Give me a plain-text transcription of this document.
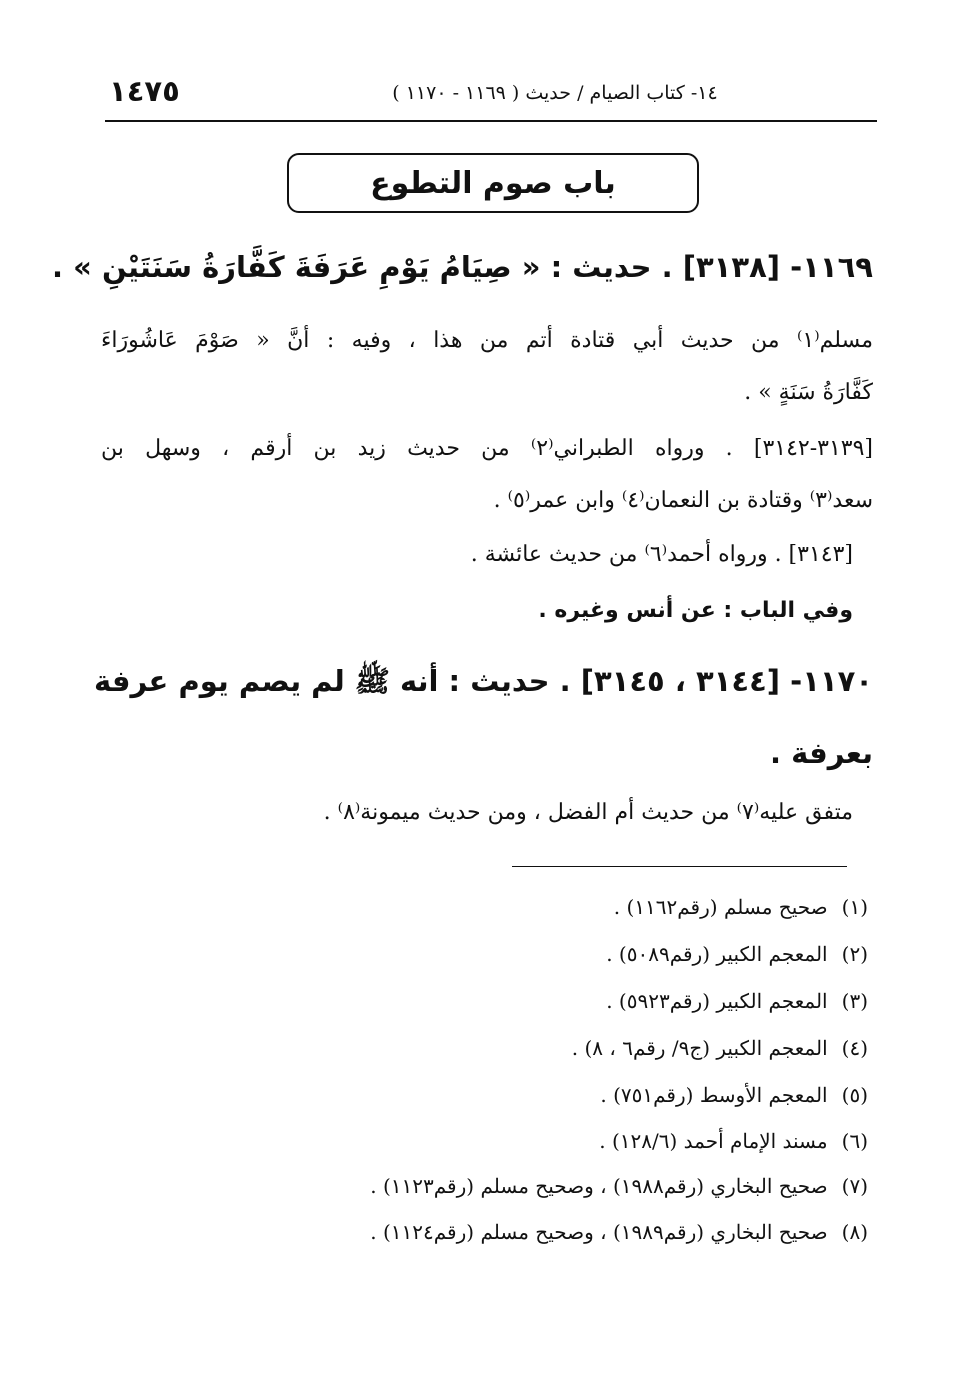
١٤٧٥	١٤- كتاب الصيام / حديث ( ١١٦٩ - ١١٧٠ )
باب صوم التطوع
١١٦٩- [٣١٣٨] . حديث : « صِيَامُ يَوْمِ عَرَفَةَ كَفَّارَةُ سَنَتَيْنِ » .
مسلم⁽١⁾ من حديث أبي قتادة أتم من هذا ، وفيه : أنَّ « صَوْمَ عَاشُورَاءَ
كَفَّارَةُ سَنَةٍ » .
[٣١٣٩-٣١٤٢] . ورواه الطبراني⁽٢⁾ من حديث زيد بن أرقم ، وسهل بن
سعد⁽٣⁾ وقتادة بن النعمان⁽٤⁾ وابن عمر⁽٥⁾ .
[٣١٤٣] . ورواه أحمد⁽٦⁾ من حديث عائشة .
وفي الباب : عن أنس وغيره .
١١٧٠- [٣١٤٤ ، ٣١٤٥] . حديث : أنه ﷺ لم يصم يوم عرفة
بعرفة .
متفق عليه⁽٧⁾ من حديث أم الفضل ، ومن حديث ميمونة⁽٨⁾ .
(١)صحيح مسلم (رقم١١٦٢) .
(٢)المعجم الكبير (رقم٥٠٨٩) .
(٣)المعجم الكبير (رقم٥٩٢٣) .
(٤)المعجم الكبير (ج٩/ رقم٦ ، ٨) .
(٥)المعجم الأوسط (رقم٧٥١) .
(٦)مسند الإمام أحمد (١٢٨/٦) .
(٧)صحيح البخاري (رقم١٩٨٨) ، وصحيح مسلم (رقم١١٢٣) .
(٨)صحيح البخاري (رقم١٩٨٩) ، وصحيح مسلم (رقم١١٢٤) .
